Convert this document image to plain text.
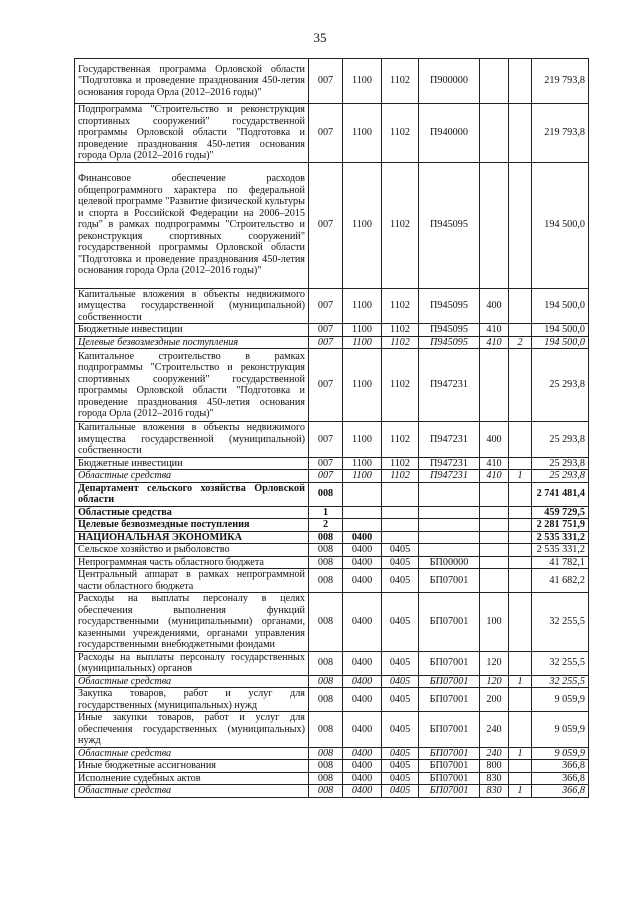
35
Государственная программа Орловской области "Подготовка и проведение празднования 450-летия основания города Орла (2012–2016 годы)"	007	1100	1102	П900000			219 793,8
Подпрограмма "Строительство и реконструкция спортивных сооружений" государственной программы Орловской области "Подготовка и проведение празднования 450-летия основания города Орла (2012–2016 годы)"	007	1100	1102	П940000			219 793,8
Финансовое обеспечение расходов общепрограммного характера по федеральной целевой программе "Развитие физической культуры и спорта в Российской Федерации на 2006–2015 годы" в рамках подпрограммы "Строительство и реконструкция спортивных сооружений" государственной программы Орловской области "Подготовка и проведение празднования 450-летия основания города Орла (2012–2016 годы)"	007	1100	1102	П945095			194 500,0
Капитальные вложения в объекты недвижимого имущества государственной (муниципальной) собственности	007	1100	1102	П945095	400		194 500,0
Бюджетные инвестиции	007	1100	1102	П945095	410		194 500,0
Целевые безвозмездные поступления	007	1100	1102	П945095	410	2	194 500,0
Капитальное строительство в рамках подпрограммы "Строительство и реконструкция спортивных сооружений" государственной программы Орловской области "Подготовка и проведение празднования 450-летия основания города Орла (2012–2016 годы)"	007	1100	1102	П947231			25 293,8
Капитальные вложения в объекты недвижимого имущества государственной (муниципальной) собственности	007	1100	1102	П947231	400		25 293,8
Бюджетные инвестиции	007	1100	1102	П947231	410		25 293,8
Областные средства	007	1100	1102	П947231	410	1	25 293,8
Департамент сельского хозяйства Орловской области	008						2 741 481,4
Областные средства	1						459 729,5
Целевые безвозмездные поступления	2						2 281 751,9
НАЦИОНАЛЬНАЯ ЭКОНОМИКА	008	0400					2 535 331,2
Сельское хозяйство и рыболовство	008	0400	0405				2 535 331,2
Непрограммная часть областного бюджета	008	0400	0405	БП00000			41 782,1
Центральный аппарат в рамках непрограммной части областного бюджета	008	0400	0405	БП07001			41 682,2
Расходы на выплаты персоналу в целях обеспечения выполнения функций государственными (муниципальными) органами, казенными учреждениями, органами управления государственными внебюджетными фондами	008	0400	0405	БП07001	100		32 255,5
Расходы на выплаты персоналу государственных (муниципальных) органов	008	0400	0405	БП07001	120		32 255,5
Областные средства	008	0400	0405	БП07001	120	1	32 255,5
Закупка товаров, работ и услуг для государственных (муниципальных) нужд	008	0400	0405	БП07001	200		9 059,9
Иные закупки товаров, работ и услуг для обеспечения государственных (муниципальных) нужд	008	0400	0405	БП07001	240		9 059,9
Областные средства	008	0400	0405	БП07001	240	1	9 059,9
Иные бюджетные ассигнования	008	0400	0405	БП07001	800		366,8
Исполнение судебных актов	008	0400	0405	БП07001	830		366,8
Областные средства	008	0400	0405	БП07001	830	1	366,8
